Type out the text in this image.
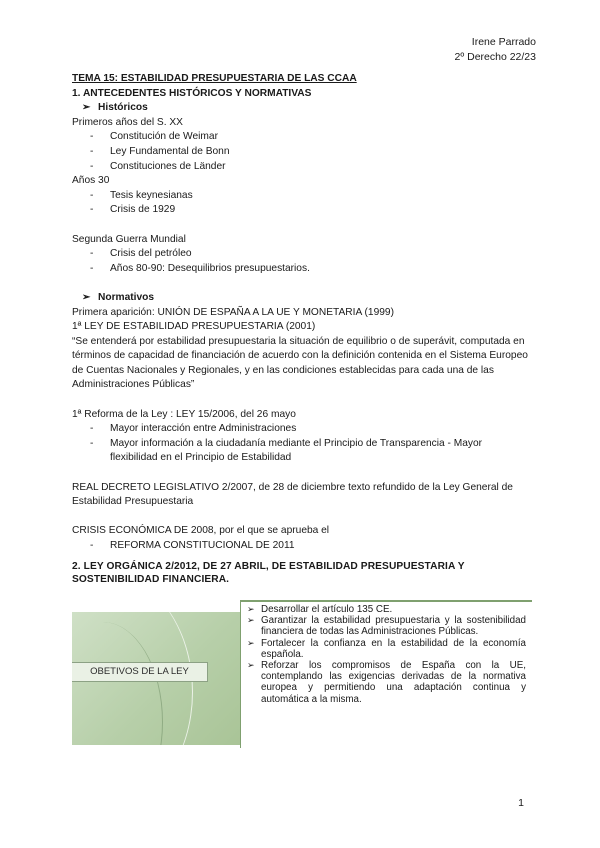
Irene Parrado
2º Derecho 22/23
TEMA 15: ESTABILIDAD PRESUPUESTARIA DE LAS CCAA
1. ANTECEDENTES HISTÓRICOS Y NORMATIVAS
➢ Históricos
Primeros años del S. XX
- Constitución de Weimar
- Ley Fundamental de Bonn
- Constituciones de Länder
Años 30
- Tesis keynesianas
- Crisis de 1929
Segunda Guerra Mundial
- Crisis del petróleo
- Años 80-90: Desequilibrios presupuestarios.
➢ Normativos
Primera aparición: UNIÓN DE ESPAÑA A LA UE Y MONETARIA (1999)
1ª LEY DE ESTABILIDAD PRESUPUESTARIA (2001)
“Se entenderá por estabilidad presupuestaria la situación de equilibrio o de superávit, computada en términos de capacidad de financiación de acuerdo con la definición contenida en el Sistema Europeo de Cuentas Nacionales y Regionales, y en las condiciones establecidas para cada una de las Administraciones Públicas”
1ª Reforma de la Ley : LEY 15/2006, del 26 mayo
- Mayor interacción entre Administraciones
- Mayor información a la ciudadanía mediante el Principio de Transparencia - Mayor flexibilidad en el Principio de Estabilidad
REAL DECRETO LEGISLATIVO 2/2007, de 28 de diciembre texto refundido de la Ley General de Estabilidad Presupuestaria
CRISIS ECONÓMICA DE 2008, por el que se aprueba el
- REFORMA CONSTITUCIONAL DE 2011
2. LEY ORGÁNICA 2/2012, DE 27 ABRIL, DE ESTABILIDAD PRESUPUESTARIA Y SOSTENIBILIDAD FINANCIERA.
OBETIVOS DE LA LEY
➢ Desarrollar el artículo 135 CE.
➢ Garantizar la estabilidad presupuestaria y la sostenibilidad financiera de todas las Administraciones Públicas.
➢ Fortalecer la confianza en la estabilidad de la economía española.
➢ Reforzar los compromisos de España con la UE, contemplando las exigencias derivadas de la normativa europea y permitiendo una adaptación continua y automática a la misma.
1
